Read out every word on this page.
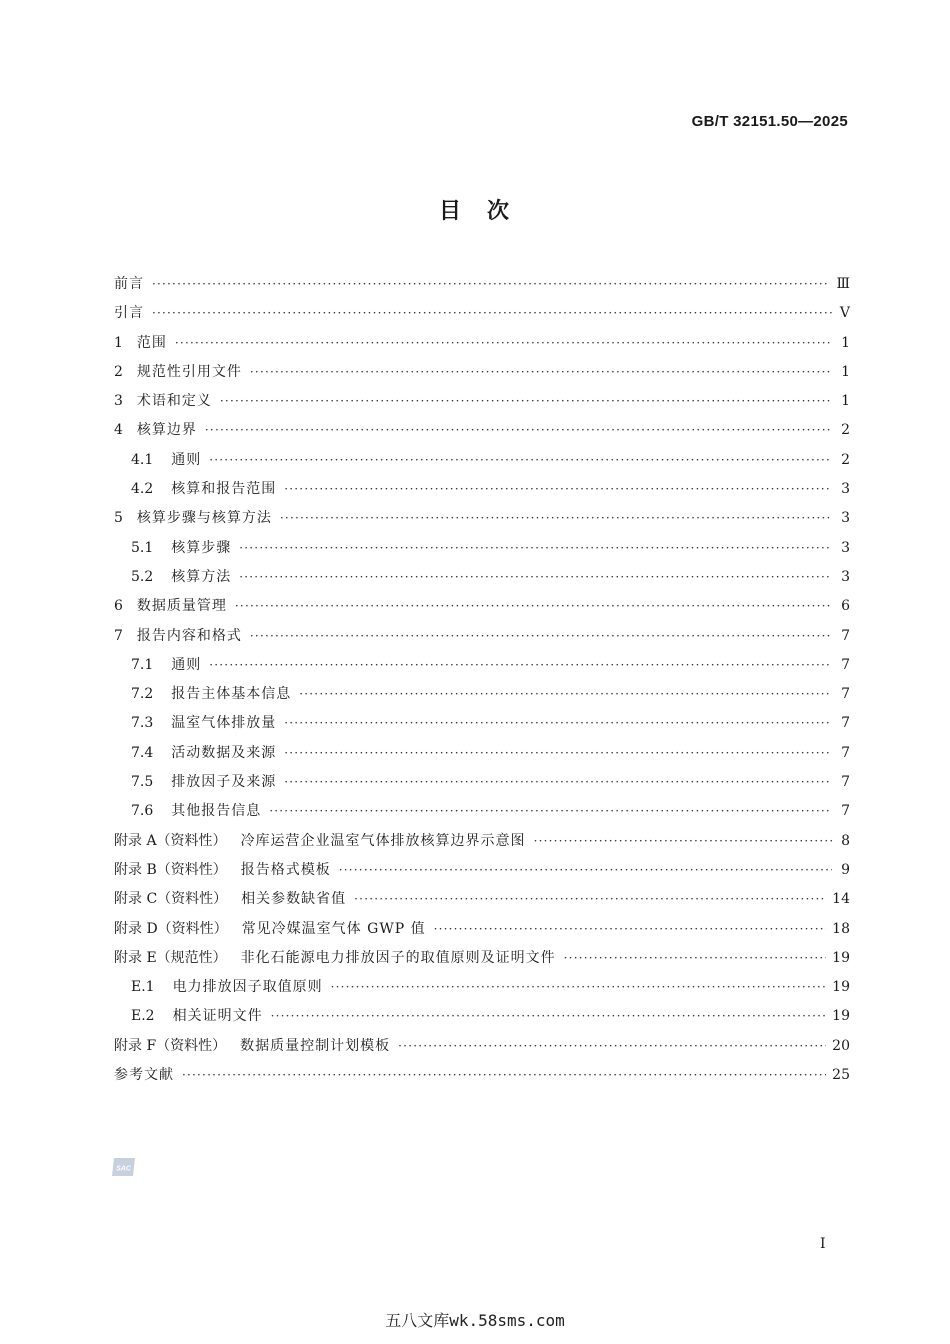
GB/T 32151.50—2025
目　次
前言 ·····	Ⅲ
引言 ·····	Ⅴ
1 范围 ·····	1
2 规范性引用文件 ·····	1
3 术语和定义 ·····	1
4 核算边界 ·····	2
4.1 通则 ·····	2
4.2 核算和报告范围 ·····	3
5 核算步骤与核算方法 ·····	3
5.1 核算步骤 ·····	3
5.2 核算方法 ·····	3
6 数据质量管理 ·····	6
7 报告内容和格式 ·····	7
7.1 通则 ·····	7
7.2 报告主体基本信息 ·····	7
7.3 温室气体排放量 ·····	7
7.4 活动数据及来源 ·····	7
7.5 排放因子及来源 ·····	7
7.6 其他报告信息 ·····	7
附录 A（资料性） 冷库运营企业温室气体排放核算边界示意图 ·····	8
附录 B（资料性） 报告格式模板 ·····	9
附录 C（资料性） 相关参数缺省值 ·····	14
附录 D（资料性） 常见冷媒温室气体 GWP 值 ·····	18
附录 E（规范性） 非化石能源电力排放因子的取值原则及证明文件 ·····	19
E.1 电力排放因子取值原则 ·····	19
E.2 相关证明文件 ·····	19
附录 F（资料性） 数据质量控制计划模板 ·····	20
参考文献 ·····	25
SAC
Ⅰ
五八文库wk.58sms.com
